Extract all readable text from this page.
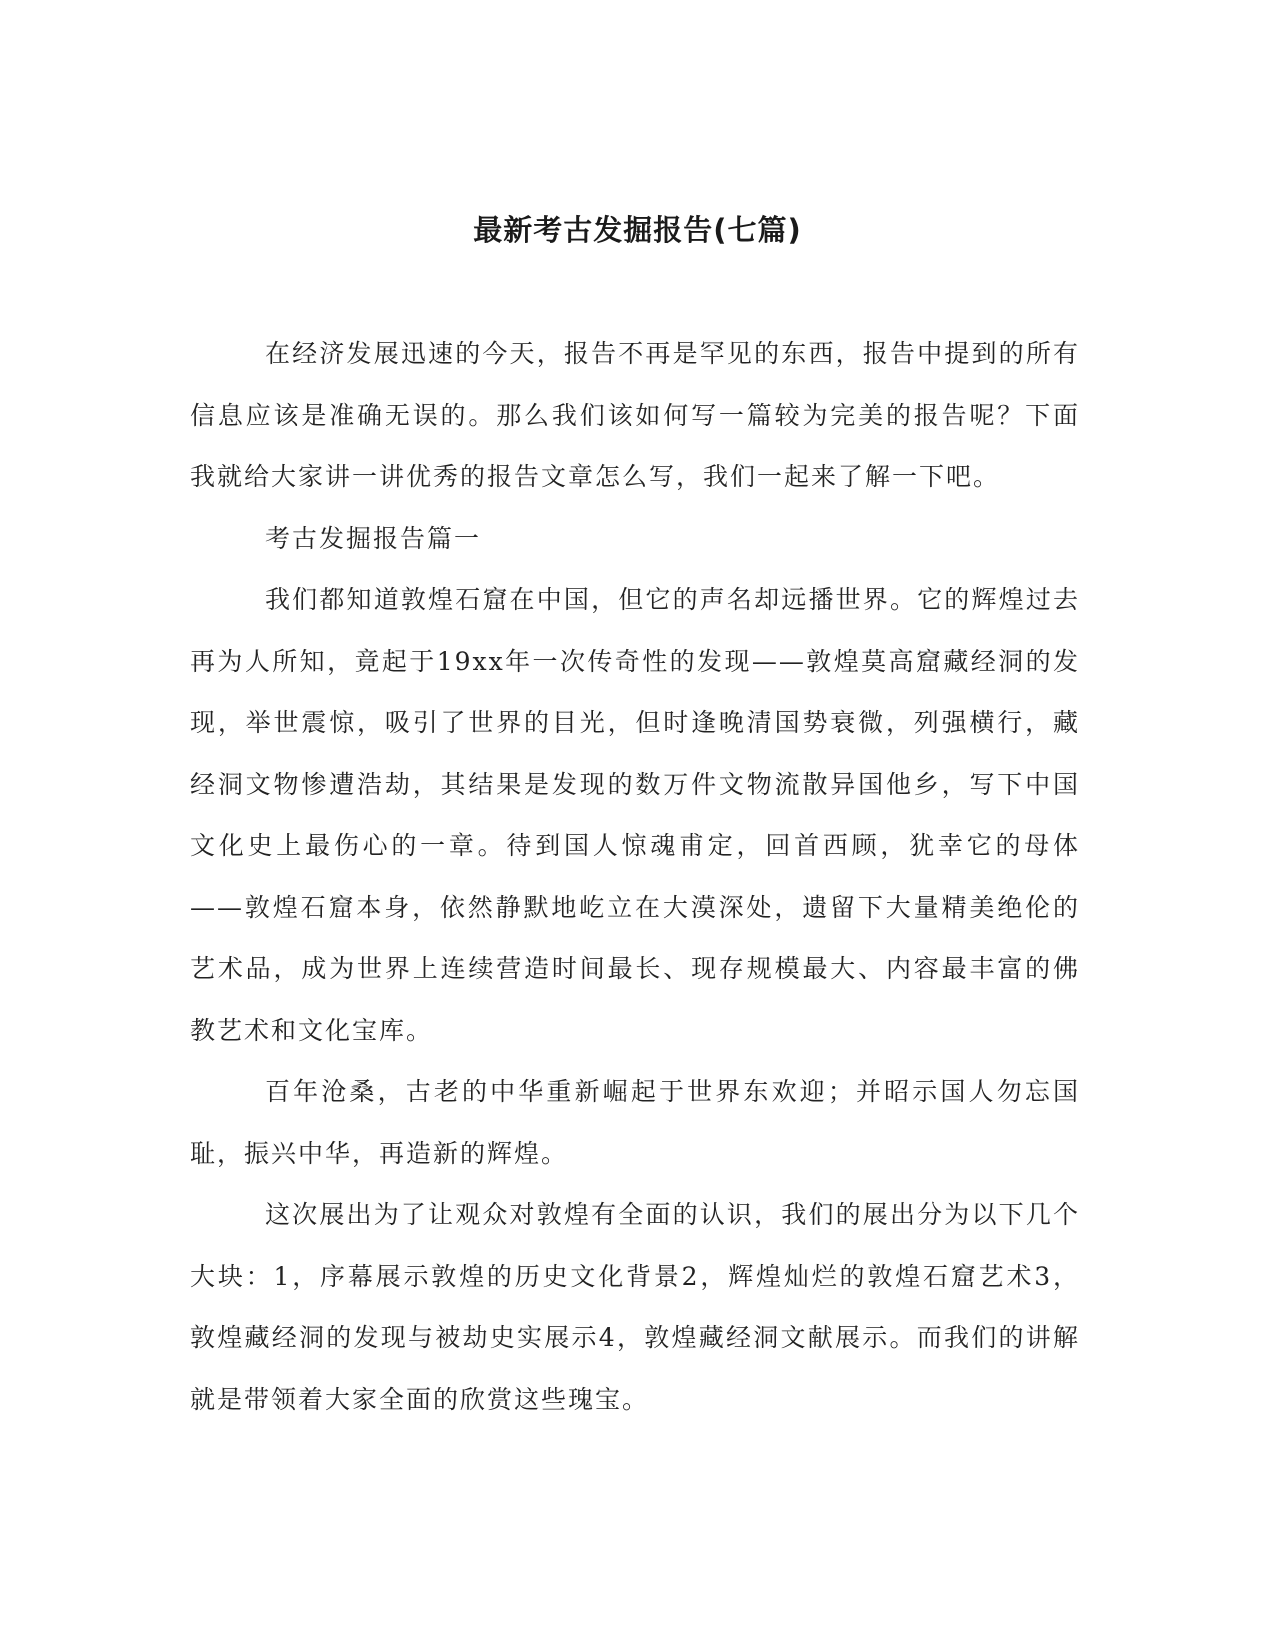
最新考古发掘报告(七篇)

在经济发展迅速的今天，报告不再是罕见的东西，报告中提到的所有信息应该是准确无误的。那么我们该如何写一篇较为完美的报告呢？下面我就给大家讲一讲优秀的报告文章怎么写，我们一起来了解一下吧。

考古发掘报告篇一

我们都知道敦煌石窟在中国，但它的声名却远播世界。它的辉煌过去再为人所知，竟起于19xx年一次传奇性的发现——敦煌莫高窟藏经洞的发现，举世震惊，吸引了世界的目光，但时逢晚清国势衰微，列强横行，藏经洞文物惨遭浩劫，其结果是发现的数万件文物流散异国他乡，写下中国文化史上最伤心的一章。待到国人惊魂甫定，回首西顾，犹幸它的母体——敦煌石窟本身，依然静默地屹立在大漠深处，遗留下大量精美绝伦的艺术品，成为世界上连续营造时间最长、现存规模最大、内容最丰富的佛教艺术和文化宝库。

百年沧桑，古老的中华重新崛起于世界东欢迎；并昭示国人勿忘国耻，振兴中华，再造新的辉煌。

这次展出为了让观众对敦煌有全面的认识，我们的展出分为以下几个大块：1，序幕展示敦煌的历史文化背景2，辉煌灿烂的敦煌石窟艺术3，敦煌藏经洞的发现与被劫史实展示4，敦煌藏经洞文献展示。而我们的讲解就是带领着大家全面的欣赏这些瑰宝。
